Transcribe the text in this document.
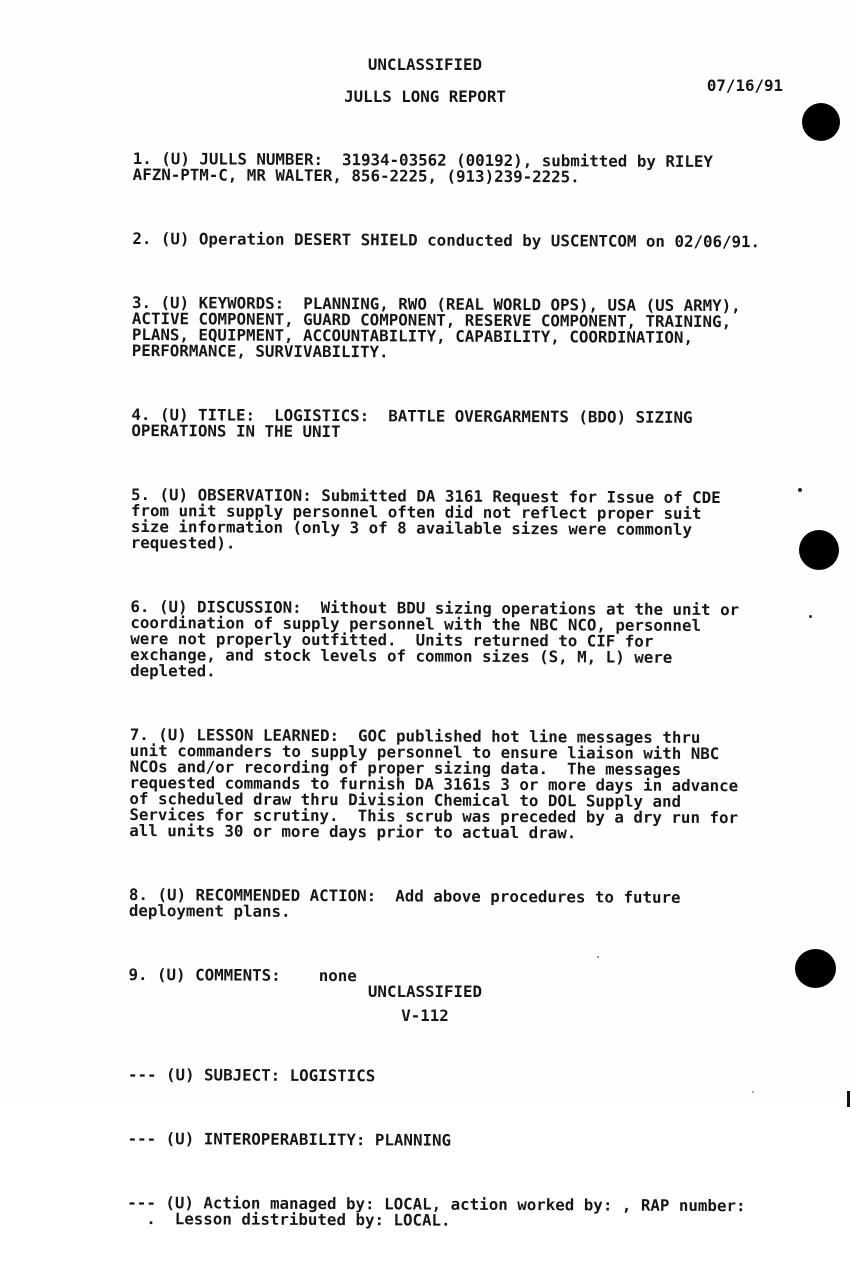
UNCLASSIFIED
07/16/91
JULLS LONG REPORT

1. (U) JULLS NUMBER:  31934-03562 (00192), submitted by RILEY
AFZN-PTM-C, MR WALTER, 856-2225, (913)239-2225.

2. (U) Operation DESERT SHIELD conducted by USCENTCOM on 02/06/91.

3. (U) KEYWORDS:  PLANNING, RWO (REAL WORLD OPS), USA (US ARMY),
ACTIVE COMPONENT, GUARD COMPONENT, RESERVE COMPONENT, TRAINING,
PLANS, EQUIPMENT, ACCOUNTABILITY, CAPABILITY, COORDINATION,
PERFORMANCE, SURVIVABILITY.

4. (U) TITLE:  LOGISTICS:  BATTLE OVERGARMENTS (BDO) SIZING
OPERATIONS IN THE UNIT

5. (U) OBSERVATION: Submitted DA 3161 Request for Issue of CDE
from unit supply personnel often did not reflect proper suit
size information (only 3 of 8 available sizes were commonly
requested).

6. (U) DISCUSSION:  Without BDU sizing operations at the unit or
coordination of supply personnel with the NBC NCO, personnel
were not properly outfitted.  Units returned to CIF for
exchange, and stock levels of common sizes (S, M, L) were
depleted.

7. (U) LESSON LEARNED:  GOC published hot line messages thru
unit commanders to supply personnel to ensure liaison with NBC
NCOs and/or recording of proper sizing data.  The messages
requested commands to furnish DA 3161s 3 or more days in advance
of scheduled draw thru Division Chemical to DOL Supply and
Services for scrutiny.  This scrub was preceded by a dry run for
all units 30 or more days prior to actual draw.

8. (U) RECOMMENDED ACTION:  Add above procedures to future
deployment plans.

9. (U) COMMENTS:    none

--- (U) SUBJECT: LOGISTICS

--- (U) INTEROPERABILITY: PLANNING

--- (U) Action managed by: LOCAL, action worked by: , RAP number:
.  Lesson distributed by: LOCAL.

UNCLASSIFIED
V-112
